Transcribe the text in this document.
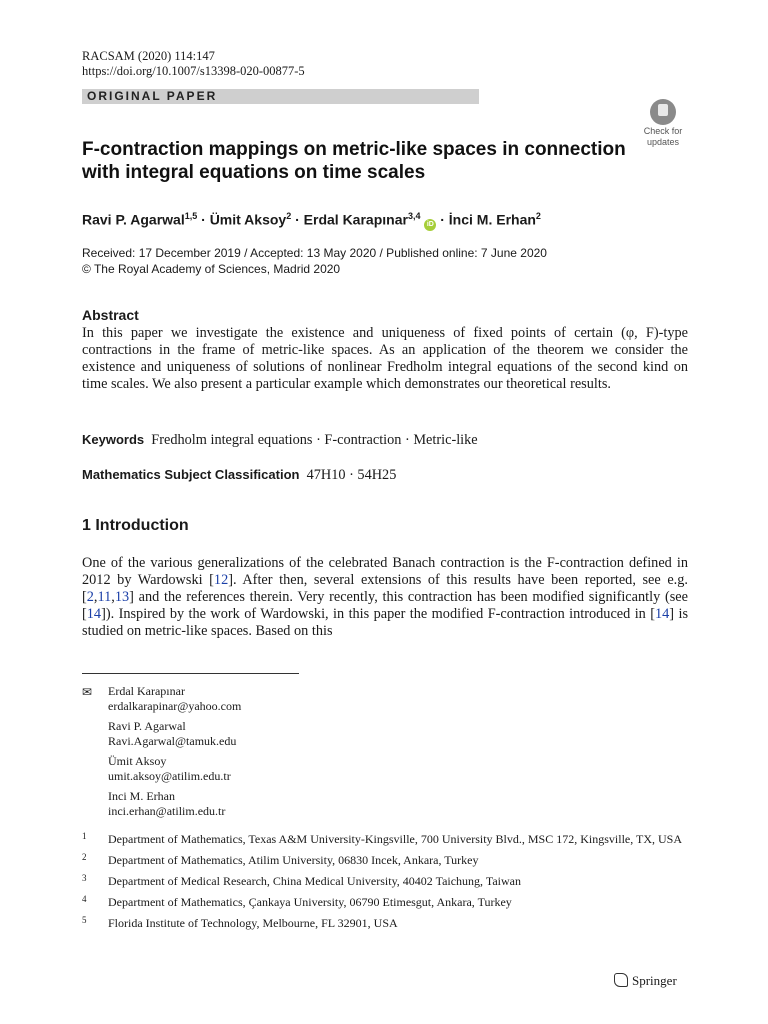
RACSAM (2020) 114:147
https://doi.org/10.1007/s13398-020-00877-5
ORIGINAL PAPER
Check for
updates
F-contraction mappings on metric-like spaces in connection
with integral equations on time scales
Ravi P. Agarwal$^{1,5}$ · Ümit Aksoy$^2$ · Erdal Karapınar$^{3,4}$ iD · İnci M. Erhan$^2$
Received: 17 December 2019 / Accepted: 13 May 2020 / Published online: 7 June 2020
© The Royal Academy of Sciences, Madrid 2020
Abstract
In this paper we investigate the existence and uniqueness of fixed points of certain (φ, F)-type contractions in the frame of metric-like spaces. As an application of the theorem we consider the existence and uniqueness of solutions of nonlinear Fredholm integral equations of the second kind on time scales. We also present a particular example which demonstrates our theoretical results.
Keywords Fredholm integral equations · F-contraction · Metric-like
Mathematics Subject Classification 47H10 · 54H25
1 Introduction
One of the various generalizations of the celebrated Banach contraction is the F-contraction defined in 2012 by Wardowski [12]. After then, several extensions of this results have been reported, see e.g. [2,11,13] and the references therein. Very recently, this contraction has been modified significantly (see [14]). Inspired by the work of Wardowski, in this paper the modified F-contraction introduced in [14] is studied on metric-like spaces. Based on this
✉	Erdal Karapınar
erdalkarapinar@yahoo.com
Ravi P. Agarwal
Ravi.Agarwal@tamuk.edu
Ümit Aksoy
umit.aksoy@atilim.edu.tr
Inci M. Erhan
inci.erhan@atilim.edu.tr
1 Department of Mathematics, Texas A&M University-Kingsville, 700 University Blvd., MSC 172, Kingsville, TX, USA
2 Department of Mathematics, Atilim University, 06830 Incek, Ankara, Turkey
3 Department of Medical Research, China Medical University, 40402 Taichung, Taiwan
4 Department of Mathematics, Çankaya University, 06790 Etimesgut, Ankara, Turkey
5 Florida Institute of Technology, Melbourne, FL 32901, USA
Springer
